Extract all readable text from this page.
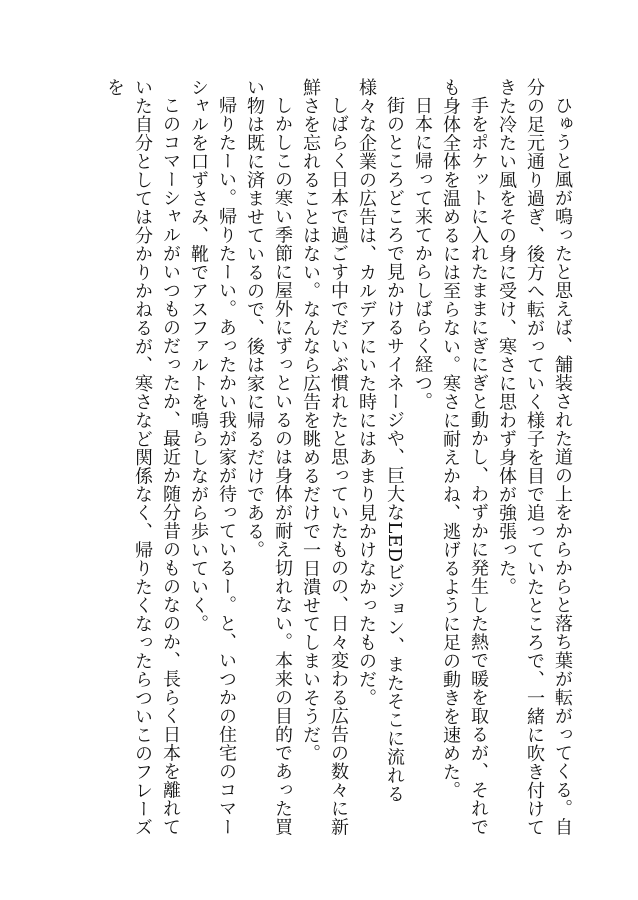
ひゅうと風が鳴ったと思えば、舗装された道の上をからからと落ち葉が転がってくる。自分の足元通り過ぎ、後方へ転がっていく様子を目で追っていたところで、一緒に吹き付けてきた冷たい風をその身に受け、寒さに思わず身体が強張った。

手をポケットに入れたままにぎにぎと動かし、わずかに発生した熱で暖を取るが、それでも身体全体を温めるには至らない。寒さに耐えかね、逃げるように足の動きを速めた。

日本に帰って来てからしばらく経つ。

街のところどころで見かけるサイネージや、巨大なLEDビジョン、またそこに流れる様々な企業の広告は、カルデアにいた時にはあまり見かけなかったものだ。

しばらく日本で過ごす中でだいぶ慣れたと思っていたものの、日々変わる広告の数々に新鮮さを忘れることはない。なんなら広告を眺めるだけで一日潰せてしまいそうだ。

しかしこの寒い季節に屋外にずっといるのは身体が耐え切れない。本来の目的であった買い物は既に済ませているので、後は家に帰るだけである。

帰りたーい。帰りたーい。あったかい我が家が待っているー。と、いつかの住宅のコマーシャルを口ずさみ、靴でアスファルトを鳴らしながら歩いていく。

このコマーシャルがいつものだったか、最近か随分昔のものなのか、長らく日本を離れていた自分としては分かりかねるが、寒さなど関係なく、帰りたくなったらついこのフレーズを
